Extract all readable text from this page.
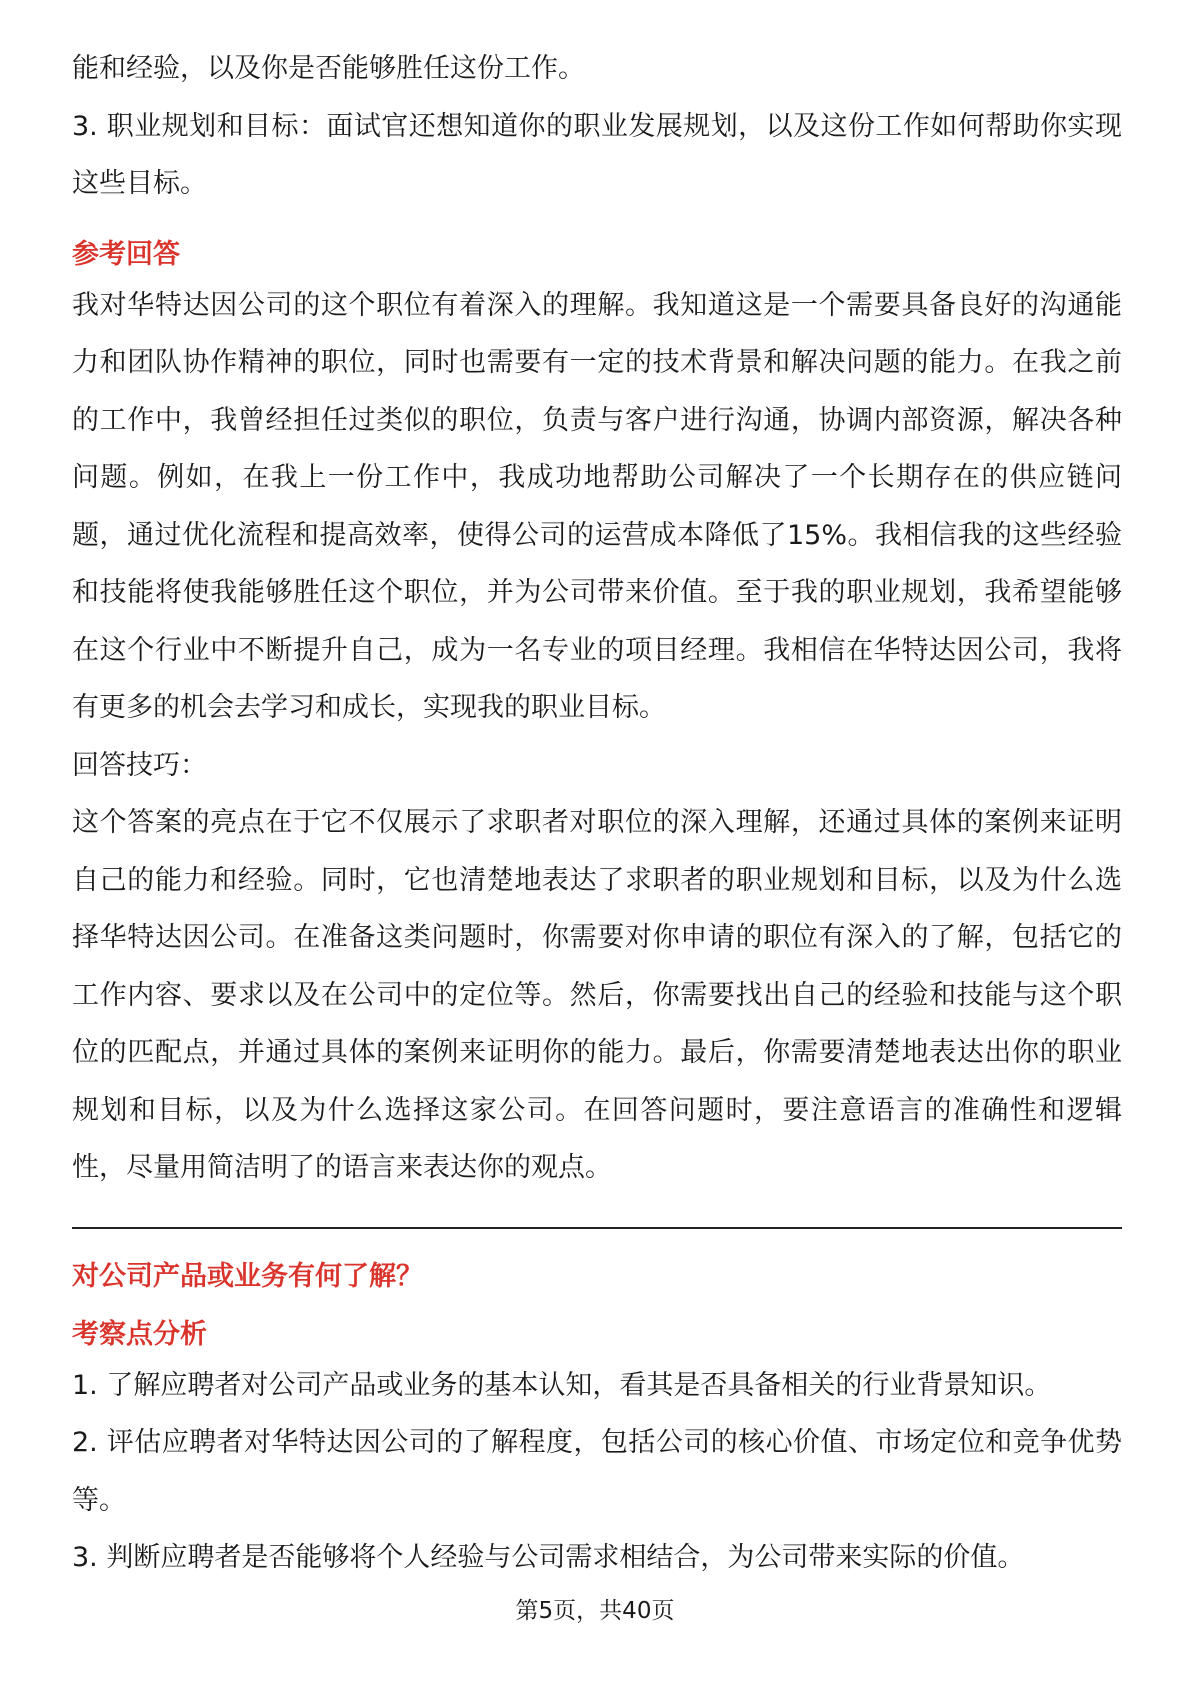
能和经验，以及你是否能够胜任这份工作。

3. 职业规划和目标：面试官还想知道你的职业发展规划，以及这份工作如何帮助你实现这些目标。

参考回答

我对华特达因公司的这个职位有着深入的理解。我知道这是一个需要具备良好的沟通能力和团队协作精神的职位，同时也需要有一定的技术背景和解决问题的能力。在我之前的工作中，我曾经担任过类似的职位，负责与客户进行沟通，协调内部资源，解决各种问题。例如，在我上一份工作中，我成功地帮助公司解决了一个长期存在的供应链问题，通过优化流程和提高效率，使得公司的运营成本降低了15%。我相信我的这些经验和技能将使我能够胜任这个职位，并为公司带来价值。至于我的职业规划，我希望能够在这个行业中不断提升自己，成为一名专业的项目经理。我相信在华特达因公司，我将有更多的机会去学习和成长，实现我的职业目标。

回答技巧：

这个答案的亮点在于它不仅展示了求职者对职位的深入理解，还通过具体的案例来证明自己的能力和经验。同时，它也清楚地表达了求职者的职业规划和目标，以及为什么选择华特达因公司。在准备这类问题时，你需要对你申请的职位有深入的了解，包括它的工作内容、要求以及在公司中的定位等。然后，你需要找出自己的经验和技能与这个职位的匹配点，并通过具体的案例来证明你的能力。最后，你需要清楚地表达出你的职业规划和目标，以及为什么选择这家公司。在回答问题时，要注意语言的准确性和逻辑性，尽量用简洁明了的语言来表达你的观点。

对公司产品或业务有何了解？

考察点分析

1. 了解应聘者对公司产品或业务的基本认知，看其是否具备相关的行业背景知识。

2. 评估应聘者对华特达因公司的了解程度，包括公司的核心价值、市场定位和竞争优势等。

3. 判断应聘者是否能够将个人经验与公司需求相结合，为公司带来实际的价值。

第5页，共40页
